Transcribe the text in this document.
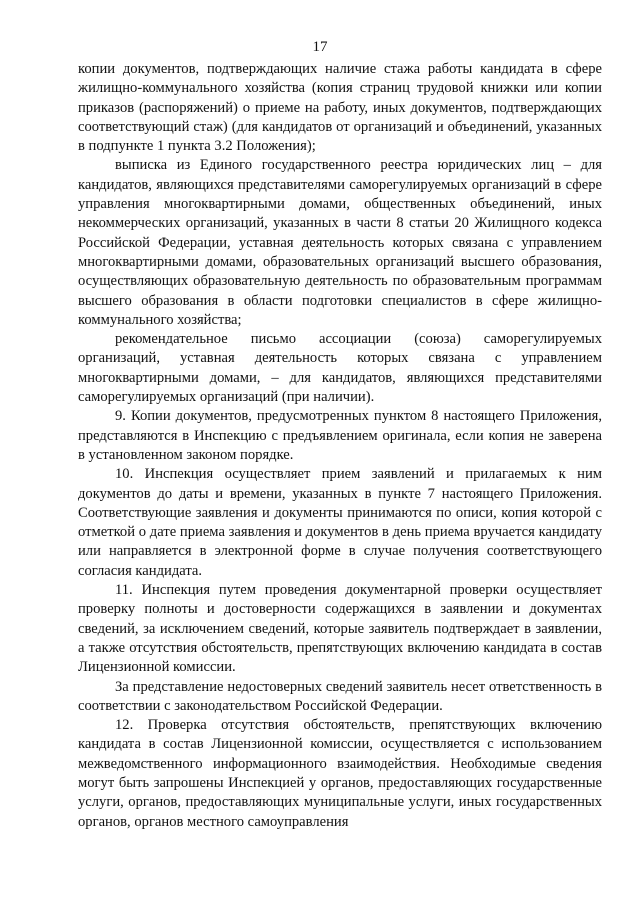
17

копии документов, подтверждающих наличие стажа работы кандидата в сфере жилищно-коммунального хозяйства (копия страниц трудовой книжки или копии приказов (распоряжений) о приеме на работу, иных документов, подтверждающих соответствующий стаж) (для кандидатов от организаций и объединений, указанных в подпункте 1 пункта 3.2 Положения);

выписка из Единого государственного реестра юридических лиц – для кандидатов, являющихся представителями саморегулируемых организаций в сфере управления многоквартирными домами, общественных объединений, иных некоммерческих организаций, указанных в части 8 статьи 20 Жилищного кодекса Российской Федерации, уставная деятельность которых связана с управлением многоквартирными домами, образовательных организаций высшего образования, осуществляющих образовательную деятельность по образовательным программам высшего образования в области подготовки специалистов в сфере жилищно-коммунального хозяйства;

рекомендательное письмо ассоциации (союза) саморегулируемых организаций, уставная деятельность которых связана с управлением многоквартирными домами, – для кандидатов, являющихся представителями саморегулируемых организаций (при наличии).

9. Копии документов, предусмотренных пунктом 8 настоящего Приложения, представляются в Инспекцию с предъявлением оригинала, если копия не заверена в установленном законом порядке.

10. Инспекция осуществляет прием заявлений и прилагаемых к ним документов до даты и времени, указанных в пункте 7 настоящего Приложения. Соответствующие заявления и документы принимаются по описи, копия которой с отметкой о дате приема заявления и документов в день приема вручается кандидату или направляется в электронной форме в случае получения соответствующего согласия кандидата.

11. Инспекция путем проведения документарной проверки осуществляет проверку полноты и достоверности содержащихся в заявлении и документах сведений, за исключением сведений, которые заявитель подтверждает в заявлении, а также отсутствия обстоятельств, препятствующих включению кандидата в состав Лицензионной комиссии.

За представление недостоверных сведений заявитель несет ответственность в соответствии с законодательством Российской Федерации.

12. Проверка отсутствия обстоятельств, препятствующих включению кандидата в состав Лицензионной комиссии, осуществляется с использованием межведомственного информационного взаимодействия. Необходимые сведения могут быть запрошены Инспекцией у органов, предоставляющих государственные услуги, органов, предоставляющих муниципальные услуги, иных государственных органов, органов местного самоуправления
